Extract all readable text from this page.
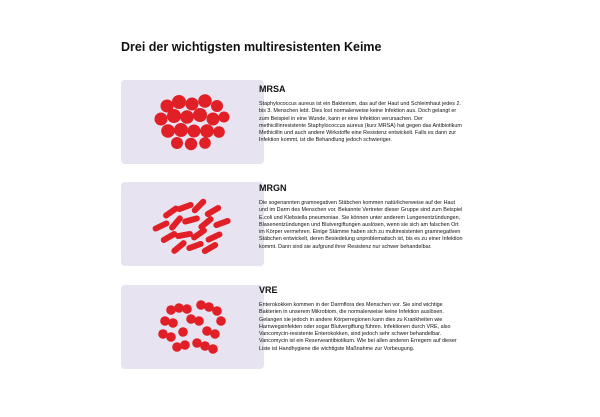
Drei der wichtigsten multiresistenten Keime
MRSA

Staphylococcus aureus ist ein Bakterium, das auf der Haut und Schleimhaut jedes 2. bis 3. Menschen lebt. Dies lost normalerweise keine Infektion aus. Doch gelangt er zum Beispiel in eine Wunde, kann er eine Infektion verursachen. Der methicillinresistente Staphylococcus aureus (kurz MRSA) hat gegen das Antibiotikum Methicillin und auch andere Wirkstoffe eine Resistenz entwickelt. Falls es dann zur Infektion kommt, ist die Behandlung jedoch schwieriger.

MRGN

Die sogenannten gramnegativen Stäbchen kommen natürlicherweise auf der Haut und im Darm des Menschen vor. Bekannte Vertreter dieser Gruppe sind zum Beispiel E.coli und Klebsiella pneumoniae. Sie können unter anderem Lungenentzündungen, Blasenentzündungen und Blutvergiftungen auslösen, wenn sie sich am falschen Ort im Körper vermehren. Einige Stämme haben sich zu multiresistenten gramnegativen Stäbchen entwickelt, deren Besiedelung unproblematisch ist, bis es zu einer Infektion kommt. Dann sind sie aufgrund ihrer Resistenz nur schwer behandelbar.

VRE

Enterokokken kommen in der Darmflora des Menschen vor. Sie sind wichtige Bakterien in unserem Mikrobiom, die normalerweise keine Infektion auslösen. Gelangen sie jedoch in andere Körperregionen kann dies zu Krankheiten wie Harnwegsinfekten oder sogar Blutvergiftung führen. Infektionen durch VRE, also Vancomycin-resistente Enterokokken, sind jedoch sehr schwer behandelbar. Vancomycin ist ein Reserveantibiotikum. Wie bei allen anderen Erregern auf dieser Liste ist Handhygiene die wichtigste Maßnahme zur Vorbeugung.
